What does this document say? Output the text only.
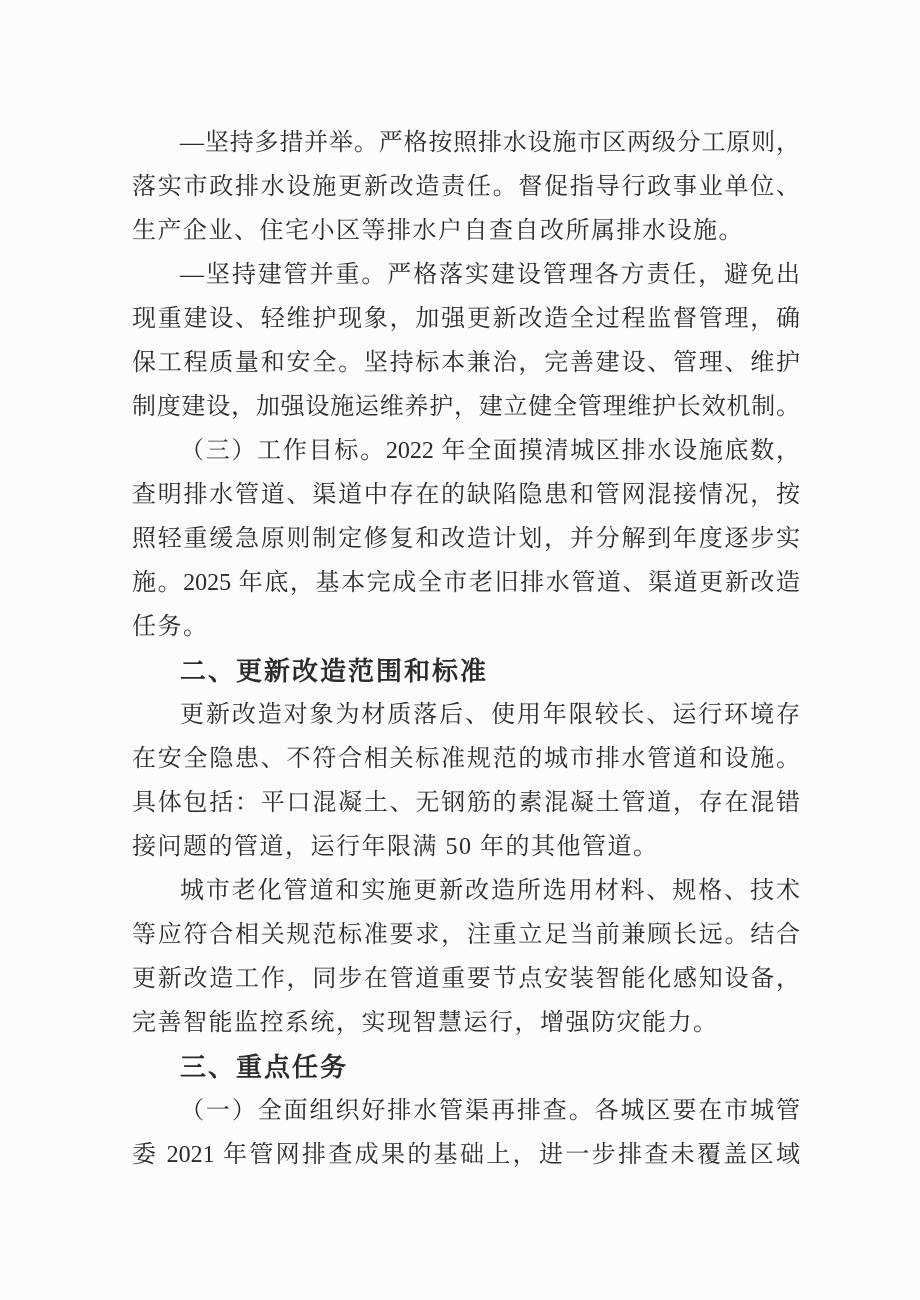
—坚持多措并举。严格按照排水设施市区两级分工原则，
落实市政排水设施更新改造责任。督促指导行政事业单位、
生产企业、住宅小区等排水户自查自改所属排水设施。
—坚持建管并重。严格落实建设管理各方责任，避免出
现重建设、轻维护现象，加强更新改造全过程监督管理，确
保工程质量和安全。坚持标本兼治，完善建设、管理、维护
制度建设，加强设施运维养护，建立健全管理维护长效机制。
（三）工作目标。2022 年全面摸清城区排水设施底数，
查明排水管道、渠道中存在的缺陷隐患和管网混接情况，按
照轻重缓急原则制定修复和改造计划，并分解到年度逐步实
施。2025 年底，基本完成全市老旧排水管道、渠道更新改造
任务。
二、更新改造范围和标准
更新改造对象为材质落后、使用年限较长、运行环境存
在安全隐患、不符合相关标准规范的城市排水管道和设施。
具体包括：平口混凝土、无钢筋的素混凝土管道，存在混错
接问题的管道，运行年限满 50 年的其他管道。
城市老化管道和实施更新改造所选用材料、规格、技术
等应符合相关规范标准要求，注重立足当前兼顾长远。结合
更新改造工作，同步在管道重要节点安装智能化感知设备，
完善智能监控系统，实现智慧运行，增强防灾能力。
三、重点任务
（一）全面组织好排水管渠再排查。各城区要在市城管
委 2021 年管网排查成果的基础上，进一步排查未覆盖区域
